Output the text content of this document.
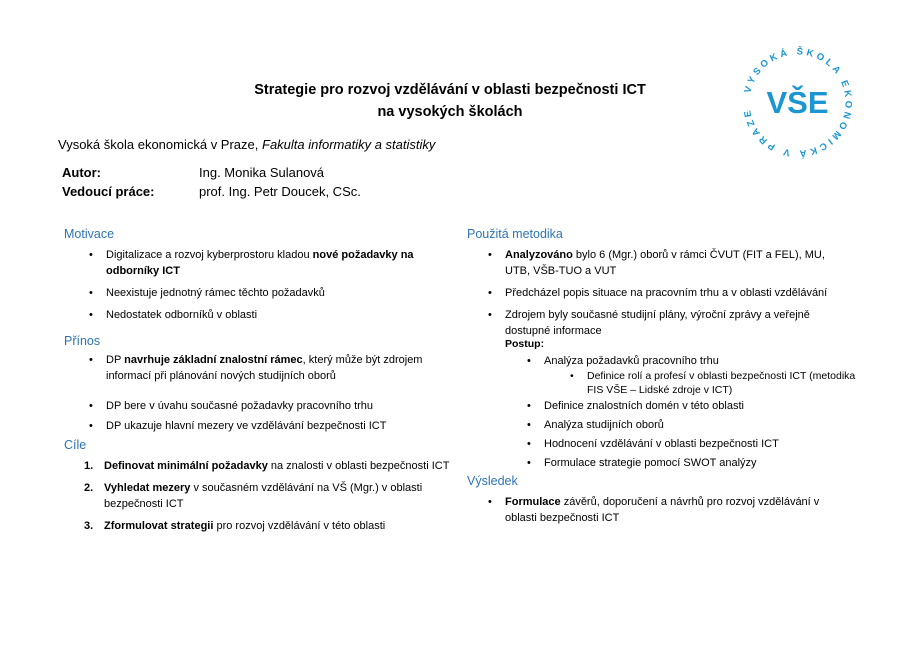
VYSOKÁ ŠKOLA EKONOMICKÁ V PRAZE VŠE
Strategie pro rozvoj vzdělávání v oblasti bezpečnosti ICT
na vysokých školách
Vysoká škola ekonomická v Praze, Fakulta informatiky a statistiky
Autor:	Ing. Monika Sulanová
Vedoucí práce:	prof. Ing. Petr Doucek, CSc.
Motivace
• Digitalizace a rozvoj kyberprostoru kladou nové požadavky na odborníky ICT
• Neexistuje jednotný rámec těchto požadavků
• Nedostatek odborníků v oblasti
Přínos
• DP navrhuje základní znalostní rámec, který může být zdrojem informací při plánování nových studijních oborů
• DP bere v úvahu současné požadavky pracovního trhu
• DP ukazuje hlavní mezery ve vzdělávání bezpečnosti ICT
Cíle
1. Definovat minimální požadavky na znalosti v oblasti bezpečnosti ICT
2. Vyhledat mezery v současném vzdělávání na VŠ (Mgr.) v oblasti bezpečnosti ICT
3. Zformulovat strategii pro rozvoj vzdělávání v této oblasti
Použitá metodika
• Analyzováno bylo 6 (Mgr.) oborů v rámci ČVUT (FIT a FEL), MU, UTB, VŠB-TUO a VUT
• Předcházel popis situace na pracovním trhu a v oblasti vzdělávání
• Zdrojem byly současné studijní plány, výroční zprávy a veřejně dostupné informace
Postup:
• Analýza požadavků pracovního trhu
• Definice rolí a profesí v oblasti bezpečnosti ICT (metodika FIS VŠE – Lidské zdroje v ICT)
• Definice znalostních domén v této oblasti
• Analýza studijních oborů
• Hodnocení vzdělávání v oblasti bezpečnosti ICT
• Formulace strategie pomocí SWOT analýzy
Výsledek
• Formulace závěrů, doporučení a návrhů pro rozvoj vzdělávání v oblasti bezpečnosti ICT
